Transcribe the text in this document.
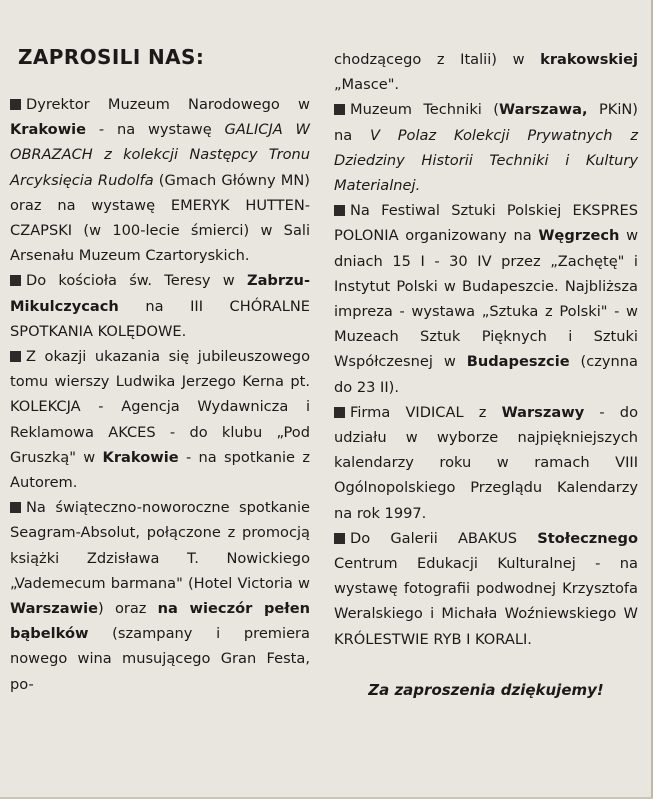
ZAPROSILI NAS:

Dyrektor Muzeum Narodowego w Krakowie - na wystawę GALICJA W OBRAZACH z kolekcji Następcy Tronu Arcyksięcia Rudolfa (Gmach Główny MN) oraz na wystawę EMERYK HUTTEN-CZAPSKI (w 100-lecie śmierci) w Sali Arsenału Muzeum Czartoryskich.

Do kościoła św. Teresy w Zabrzu-Mikulczycach na III CHÓRALNE SPOTKANIA KOLĘDOWE.

Z okazji ukazania się jubileuszowego tomu wierszy Ludwika Jerzego Kerna pt. KOLEKCJA - Agencja Wydawnicza i Reklamowa AKCES - do klubu „Pod Gruszką" w Krakowie - na spotkanie z Autorem.

Na świąteczno-noworoczne spotkanie Seagram-Absolut, połączone z promocją książki Zdzisława T. Nowickiego „Vademecum barmana" (Hotel Victoria w Warszawie) oraz na wieczór pełen bąbelków (szampany i premiera nowego wina musującego Gran Festa, po-

chodzącego z Italii) w krakowskiej „Masce".

Muzeum Techniki (Warszawa, PKiN) na V Polaz Kolekcji Prywatnych z Dziedziny Historii Techniki i Kultury Materialnej.

Na Festiwal Sztuki Polskiej EKSPRES POLONIA organizowany na Węgrzech w dniach 15 I - 30 IV przez „Zachętę" i Instytut Polski w Budapeszcie. Najbliższa impreza - wystawa „Sztuka z Polski" - w Muzeach Sztuk Pięknych i Sztuki Współczesnej w Budapeszcie (czynna do 23 II).

Firma VIDICAL z Warszawy - do udziału w wyborze najpiękniejszych kalendarzy roku w ramach VIII Ogólnopolskiego Przeglądu Kalendarzy na rok 1997.

Do Galerii ABAKUS Stołecznego Centrum Edukacji Kulturalnej - na wystawę fotografii podwodnej Krzysztofa Weralskiego i Michała Woźniewskiego W KRÓLESTWIE RYB I KORALI.

Za zaproszenia dziękujemy!
